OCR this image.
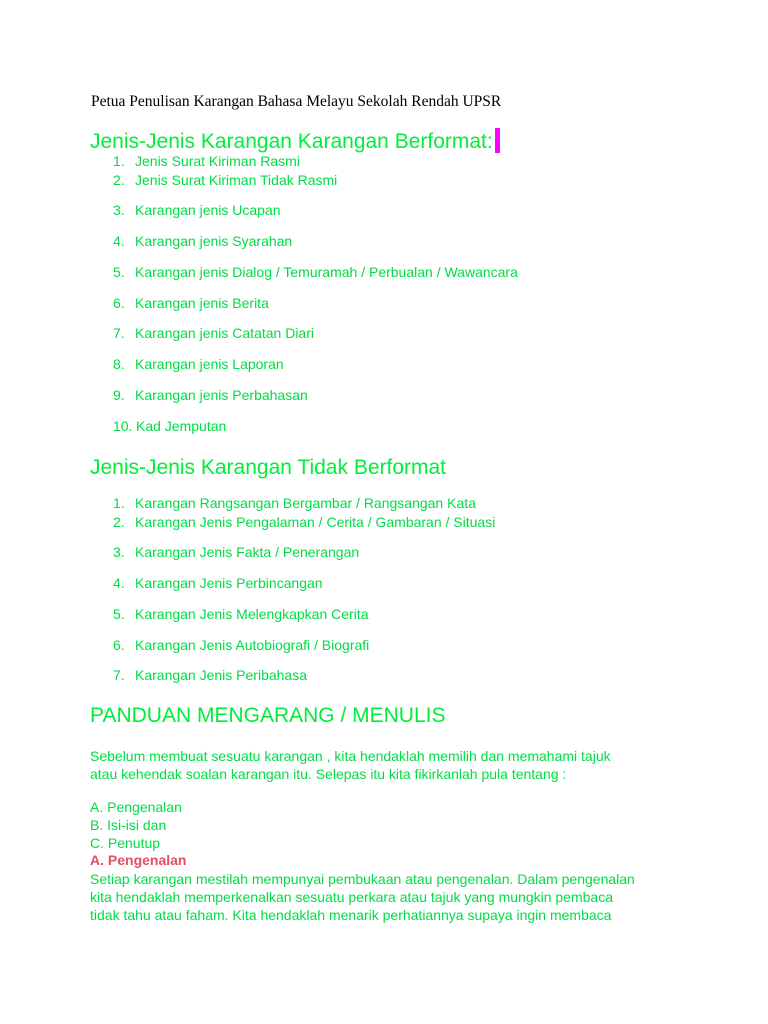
Petua Penulisan Karangan Bahasa Melayu Sekolah Rendah UPSR

Jenis-Jenis Karangan Karangan Berformat:

1. Jenis Surat Kiriman Rasmi

2. Jenis Surat Kiriman Tidak Rasmi

3. Karangan jenis Ucapan

4. Karangan jenis Syarahan

5. Karangan jenis Dialog / Temuramah / Perbualan / Wawancara

6. Karangan jenis Berita

7. Karangan jenis Catatan Diari

8. Karangan jenis Laporan

9. Karangan jenis Perbahasan

10. Kad Jemputan

Jenis-Jenis Karangan Tidak Berformat

1. Karangan Rangsangan Bergambar / Rangsangan Kata

2. Karangan Jenis Pengalaman / Cerita / Gambaran / Situasi

3. Karangan Jenis Fakta / Penerangan

4. Karangan Jenis Perbincangan

5. Karangan Jenis Melengkapkan Cerita

6. Karangan Jenis Autobiografi / Biografi

7. Karangan Jenis Peribahasa

PANDUAN MENGARANG / MENULIS

Sebelum membuat sesuatu karangan , kita hendaklah memilih dan memahami tajuk

atau kehendak soalan karangan itu. Selepas itu kita fikirkanlah pula tentang :

A. Pengenalan

B. Isi-isi dan

C. Penutup

A. Pengenalan

Setiap karangan mestilah mempunyai pembukaan atau pengenalan. Dalam pengenalan

kita hendaklah memperkenalkan sesuatu perkara atau tajuk yang mungkin pembaca

tidak tahu atau faham. Kita hendaklah menarik perhatiannya supaya ingin membaca
